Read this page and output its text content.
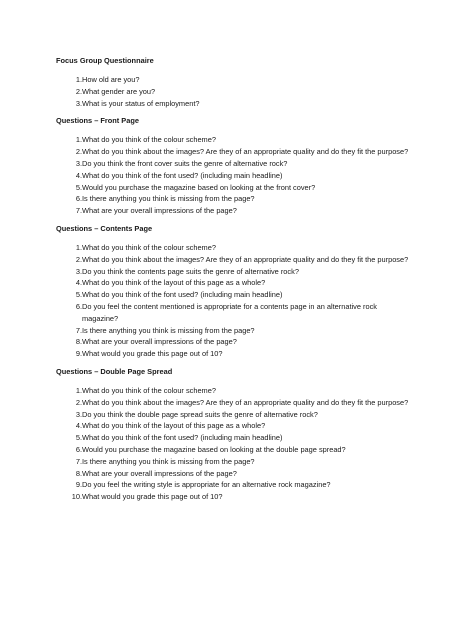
Focus Group Questionnaire

1. How old are you?
2. What gender are you?
3. What is your status of employment?

Questions – Front Page

1. What do you think of the colour scheme?
2. What do you think about the images? Are they of an appropriate quality and do they fit the purpose?
3. Do you think the front cover suits the genre of alternative rock?
4. What do you think of the font used? (including main headline)
5. Would you purchase the magazine based on looking at the front cover?
6. Is there anything you think is missing from the page?
7. What are your overall impressions of the page?

Questions – Contents Page

1. What do you think of the colour scheme?
2. What do you think about the images? Are they of an appropriate quality and do they fit the purpose?
3. Do you think the contents page suits the genre of alternative rock?
4. What do you think of the layout of this page as a whole?
5. What do you think of the font used? (including main headline)
6. Do you feel the content mentioned is appropriate for a contents page in an alternative rock magazine?
7. Is there anything you think is missing from the page?
8. What are your overall impressions of the page?
9. What would you grade this page out of 10?

Questions – Double Page Spread

1. What do you think of the colour scheme?
2. What do you think about the images? Are they of an appropriate quality and do they fit the purpose?
3. Do you think the double page spread suits the genre of alternative rock?
4. What do you think of the layout of this page as a whole?
5. What do you think of the font used? (including main headline)
6. Would you purchase the magazine based on looking at the double page spread?
7. Is there anything you think is missing from the page?
8. What are your overall impressions of the page?
9. Do you feel the writing style is appropriate for an alternative rock magazine?
10. What would you grade this page out of 10?
